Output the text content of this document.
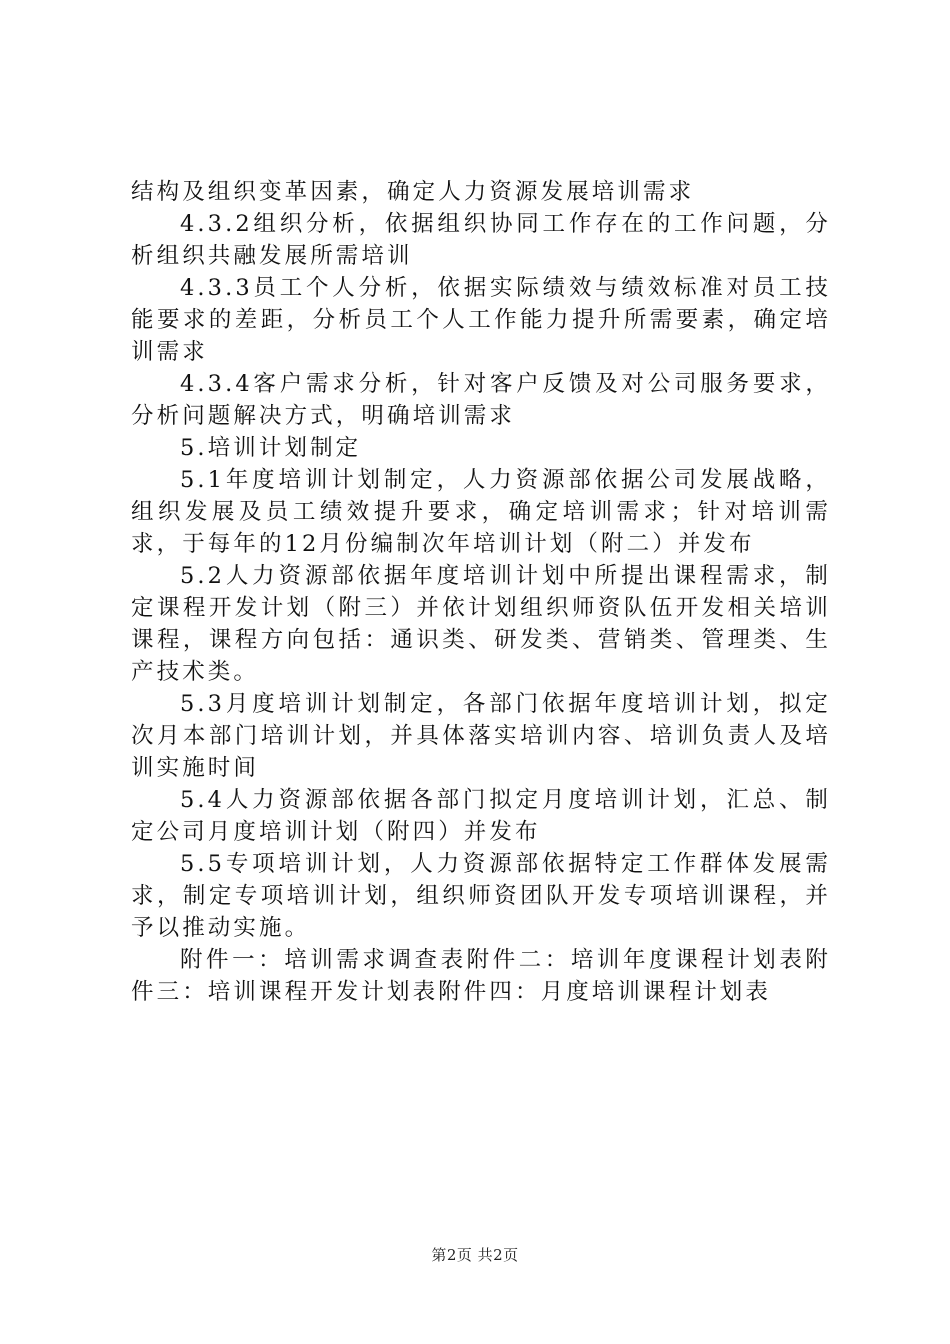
结构及组织变革因素，确定人力资源发展培训需求

4.3.2组织分析，依据组织协同工作存在的工作问题，分析组织共融发展所需培训

4.3.3员工个人分析，依据实际绩效与绩效标准对员工技能要求的差距，分析员工个人工作能力提升所需要素，确定培训需求

4.3.4客户需求分析，针对客户反馈及对公司服务要求，分析问题解决方式，明确培训需求

5.培训计划制定

5.1年度培训计划制定，人力资源部依据公司发展战略，组织发展及员工绩效提升要求，确定培训需求；针对培训需求，于每年的12月份编制次年培训计划（附二）并发布

5.2人力资源部依据年度培训计划中所提出课程需求，制定课程开发计划（附三）并依计划组织师资队伍开发相关培训课程，课程方向包括：通识类、研发类、营销类、管理类、生产技术类。

5.3月度培训计划制定，各部门依据年度培训计划，拟定次月本部门培训计划，并具体落实培训内容、培训负责人及培训实施时间

5.4人力资源部依据各部门拟定月度培训计划，汇总、制定公司月度培训计划（附四）并发布

5.5专项培训计划，人力资源部依据特定工作群体发展需求，制定专项培训计划，组织师资团队开发专项培训课程，并予以推动实施。

附件一：培训需求调查表附件二：培训年度课程计划表附件三：培训课程开发计划表附件四：月度培训课程计划表

第2页 共2页
